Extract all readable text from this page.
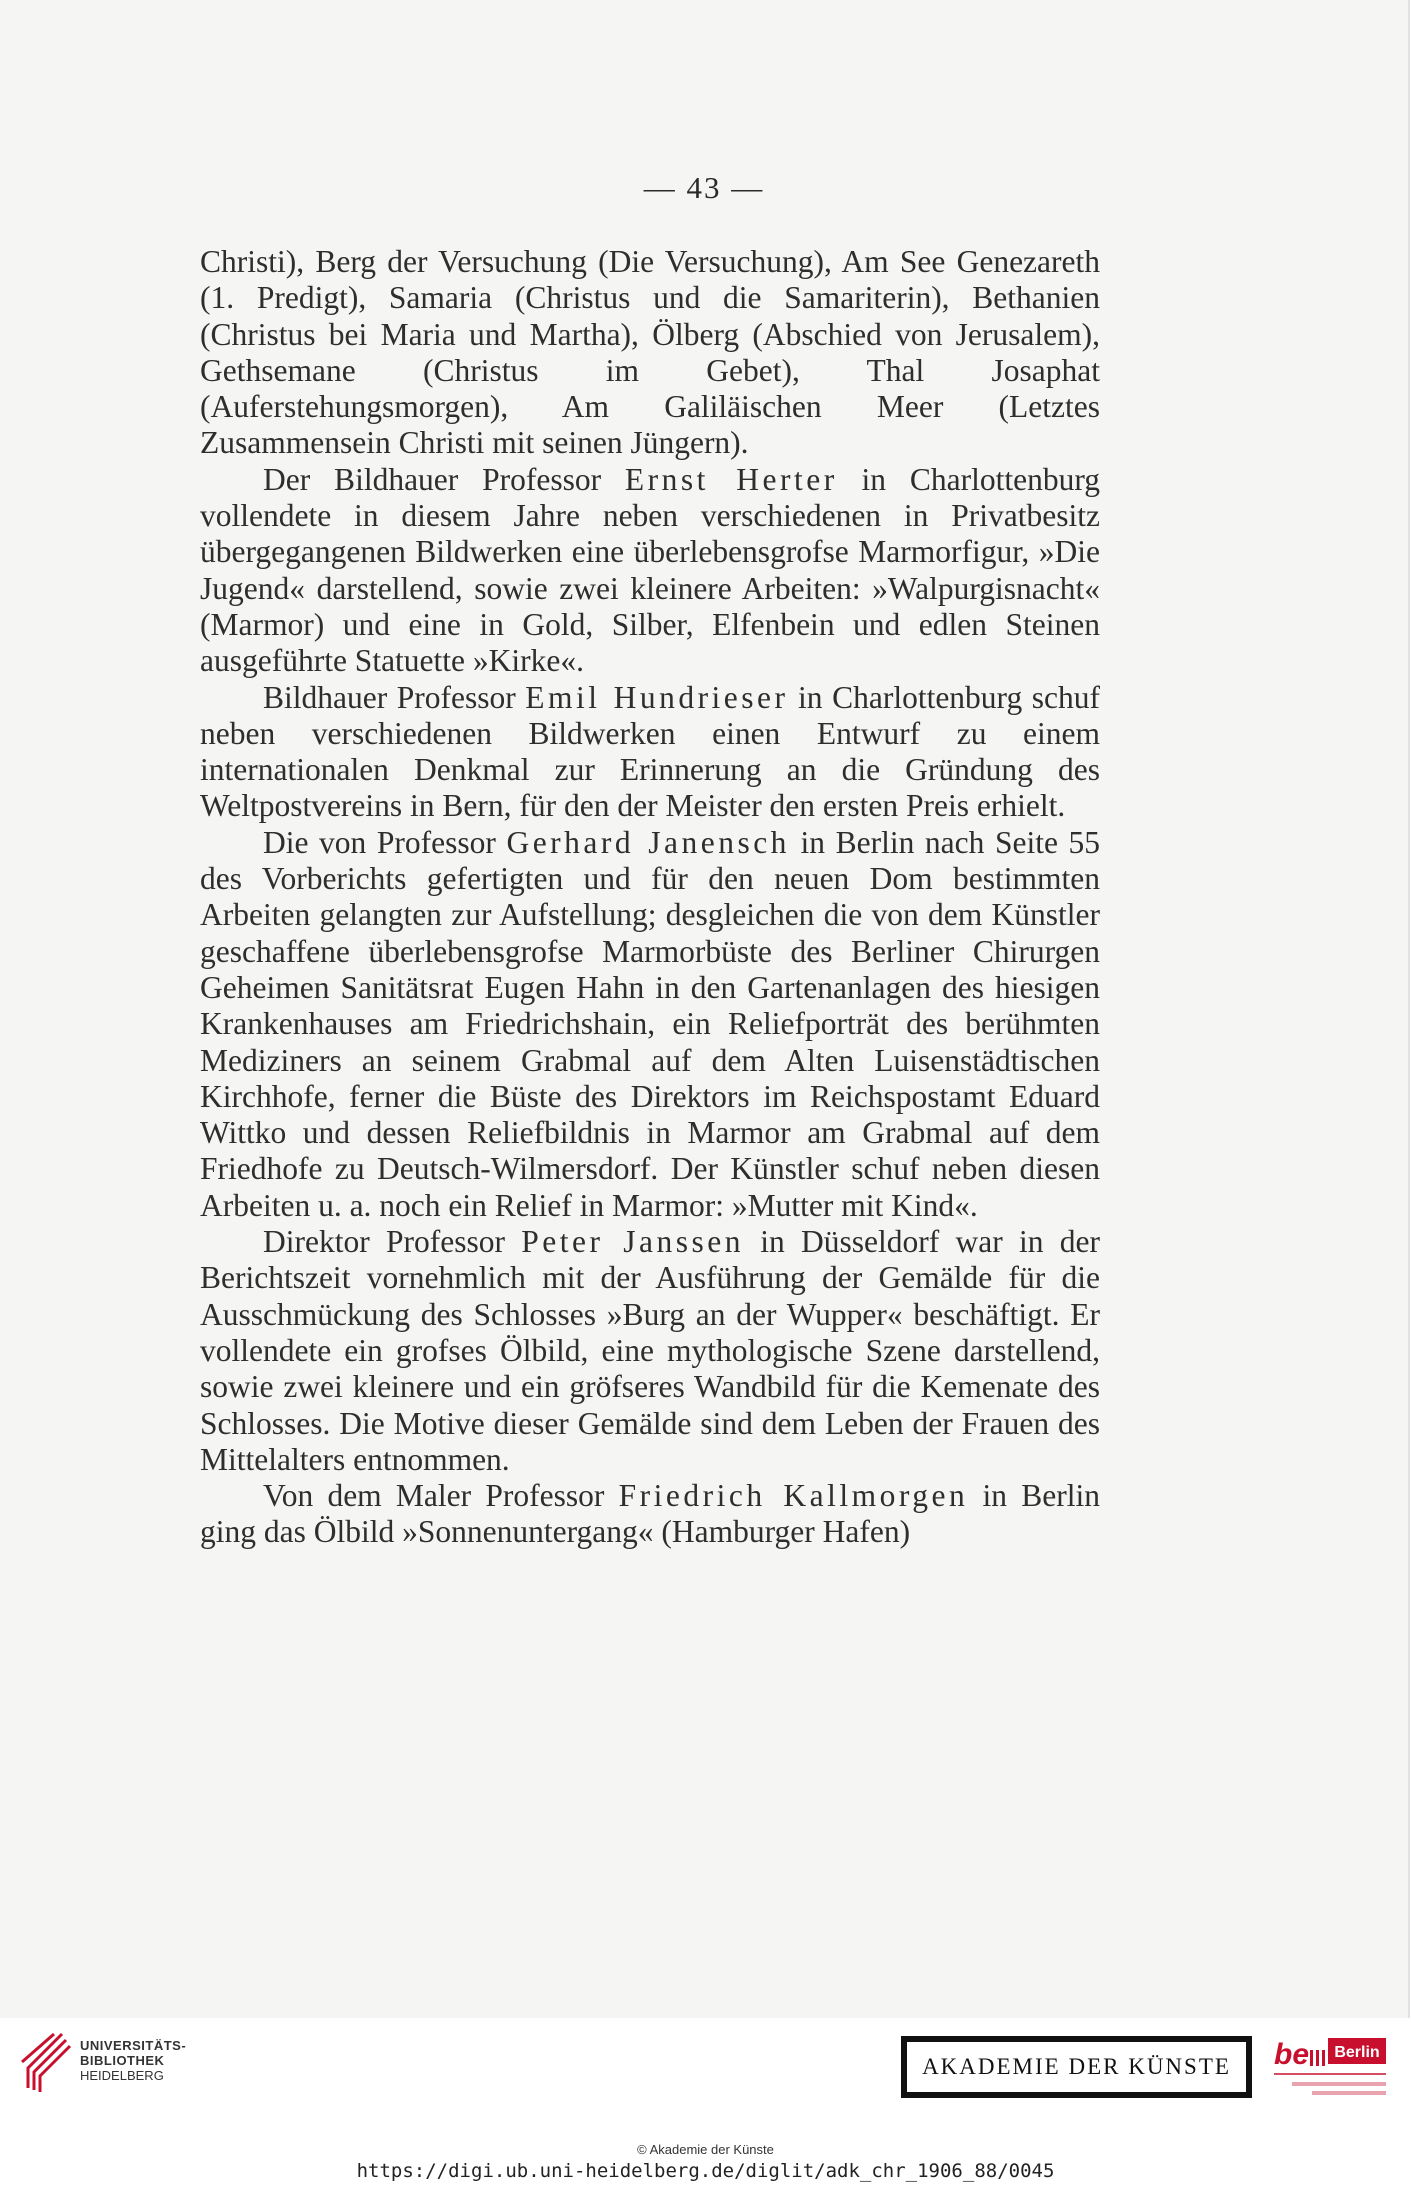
— 43 —

Christi), Berg der Versuchung (Die Versuchung), Am See Genezareth (1. Predigt), Samaria (Christus und die Samariterin), Bethanien (Christus bei Maria und Martha), Ölberg (Abschied von Jerusalem), Gethsemane (Christus im Gebet), Thal Josaphat (Auferstehungsmorgen), Am Galiläischen Meer (Letztes Zusammensein Christi mit seinen Jüngern).

Der Bildhauer Professor Ernst Herter in Charlottenburg vollendete in diesem Jahre neben verschiedenen in Privatbesitz übergegangenen Bildwerken eine überlebensgrofse Marmorfigur, »Die Jugend« darstellend, sowie zwei kleinere Arbeiten: »Walpurgisnacht« (Marmor) und eine in Gold, Silber, Elfenbein und edlen Steinen ausgeführte Statuette »Kirke«.

Bildhauer Professor Emil Hundrieser in Charlottenburg schuf neben verschiedenen Bildwerken einen Entwurf zu einem internationalen Denkmal zur Erinnerung an die Gründung des Weltpostvereins in Bern, für den der Meister den ersten Preis erhielt.

Die von Professor Gerhard Janensch in Berlin nach Seite 55 des Vorberichts gefertigten und für den neuen Dom bestimmten Arbeiten gelangten zur Aufstellung; desgleichen die von dem Künstler geschaffene überlebensgrofse Marmorbüste des Berliner Chirurgen Geheimen Sanitätsrat Eugen Hahn in den Gartenanlagen des hiesigen Krankenhauses am Friedrichshain, ein Reliefporträt des berühmten Mediziners an seinem Grabmal auf dem Alten Luisenstädtischen Kirchhofe, ferner die Büste des Direktors im Reichspostamt Eduard Wittko und dessen Reliefbildnis in Marmor am Grabmal auf dem Friedhofe zu Deutsch-Wilmersdorf. Der Künstler schuf neben diesen Arbeiten u. a. noch ein Relief in Marmor: »Mutter mit Kind«.

Direktor Professor Peter Janssen in Düsseldorf war in der Berichtszeit vornehmlich mit der Ausführung der Gemälde für die Ausschmückung des Schlosses »Burg an der Wupper« beschäftigt. Er vollendete ein grofses Ölbild, eine mythologische Szene darstellend, sowie zwei kleinere und ein gröfseres Wandbild für die Kemenate des Schlosses. Die Motive dieser Gemälde sind dem Leben der Frauen des Mittelalters entnommen.

Von dem Maler Professor Friedrich Kallmorgen in Berlin ging das Ölbild »Sonnenuntergang« (Hamburger Hafen)

UNIVERSITÄTS-
BIBLIOTHEK
HEIDELBERG	AKADEMIE DER KÜNSTE	be Berlin
© Akademie der Künste
https://digi.ub.uni-heidelberg.de/diglit/adk_chr_1906_88/0045
